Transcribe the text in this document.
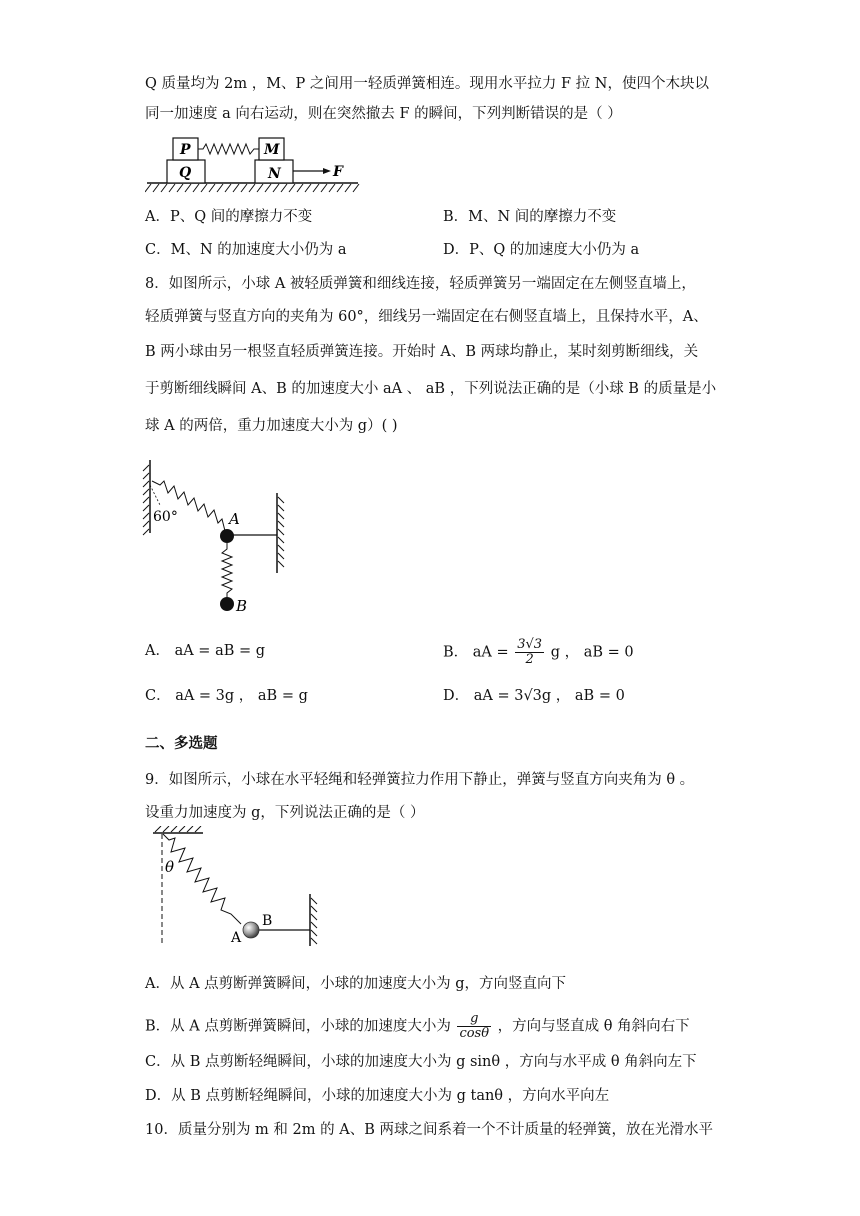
Q 质量均为 2m ，M、P 之间用一轻质弹簧相连。现用水平拉力 F 拉 N，使四个木块以
同一加速度 a 向右运动，则在突然撤去 F 的瞬间，下列判断错误的是（ ）
P	M
Q	N	F
A．P、Q 间的摩擦力不变	B．M、N 间的摩擦力不变
C．M、N 的加速度大小仍为 a	D．P、Q 的加速度大小仍为 a
8．如图所示，小球 A 被轻质弹簧和细线连接，轻质弹簧另一端固定在左侧竖直墙上，
轻质弹簧与竖直方向的夹角为 60°，细线另一端固定在右侧竖直墙上，且保持水平，A、
B 两小球由另一根竖直轻质弹簧连接。开始时 A、B 两球均静止，某时刻剪断细线，关
于剪断细线瞬间 A、B 的加速度大小 aA 、 aB ，下列说法正确的是（小球 B 的质量是小
球 A 的两倍，重力加速度大小为 g）( )
60°	A
B
A． aA = aB = g	B． aA = $\frac{3√3}{2}$ g ， aB = 0
C． aA = 3g ， aB = g	D． aA = 3√3g ， aB = 0
二、多选题
9．如图所示，小球在水平轻绳和轻弹簧拉力作用下静止，弹簧与竖直方向夹角为 θ 。
设重力加速度为 g，下列说法正确的是（ ）
θ
A
B
A．从 A 点剪断弹簧瞬间，小球的加速度大小为 g，方向竖直向下
B．从 A 点剪断弹簧瞬间，小球的加速度大小为 $\frac{g}{\cos\theta}$ ，方向与竖直成 θ 角斜向右下
C．从 B 点剪断轻绳瞬间，小球的加速度大小为 g sinθ ，方向与水平成 θ 角斜向左下
D．从 B 点剪断轻绳瞬间，小球的加速度大小为 g tanθ ，方向水平向左
10．质量分别为 m 和 2m 的 A、B 两球之间系着一个不计质量的轻弹簧，放在光滑水平
